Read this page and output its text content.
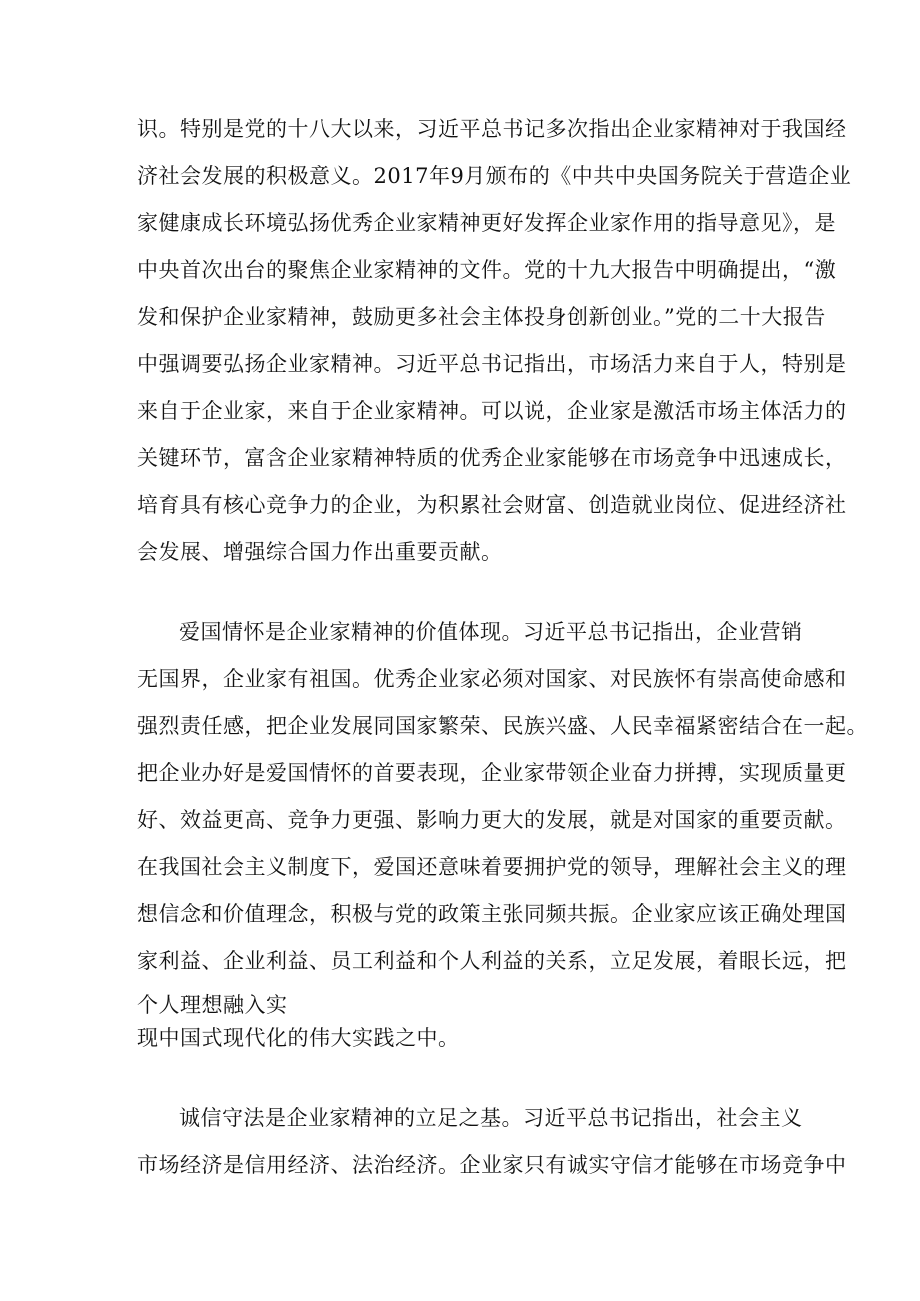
识。特别是党的十八大以来，习近平总书记多次指出企业家精神对于我国经
济社会发展的积极意义。2017年9月颁布的《中共中央国务院关于营造企业
家健康成长环境弘扬优秀企业家精神更好发挥企业家作用的指导意见》，是
中央首次出台的聚焦企业家精神的文件。党的十九大报告中明确提出，“激
发和保护企业家精神，鼓励更多社会主体投身创新创业。”党的二十大报告
中强调要弘扬企业家精神。习近平总书记指出，市场活力来自于人，特别是
来自于企业家，来自于企业家精神。可以说，企业家是激活市场主体活力的
关键环节，富含企业家精神特质的优秀企业家能够在市场竞争中迅速成长，
培育具有核心竞争力的企业，为积累社会财富、创造就业岗位、促进经济社
会发展、增强综合国力作出重要贡献。
爱国情怀是企业家精神的价值体现。习近平总书记指出，企业营销
无国界，企业家有祖国。优秀企业家必须对国家、对民族怀有崇高使命感和
强烈责任感，把企业发展同国家繁荣、民族兴盛、人民幸福紧密结合在一起。
把企业办好是爱国情怀的首要表现，企业家带领企业奋力拼搏，实现质量更
好、效益更高、竞争力更强、影响力更大的发展，就是对国家的重要贡献。
在我国社会主义制度下，爱国还意味着要拥护党的领导，理解社会主义的理
想信念和价值理念，积极与党的政策主张同频共振。企业家应该正确处理国
家利益、企业利益、员工利益和个人利益的关系，立足发展，着眼长远，把
个人理想融入实
现中国式现代化的伟大实践之中。
诚信守法是企业家精神的立足之基。习近平总书记指出，社会主义
市场经济是信用经济、法治经济。企业家只有诚实守信才能够在市场竞争中
